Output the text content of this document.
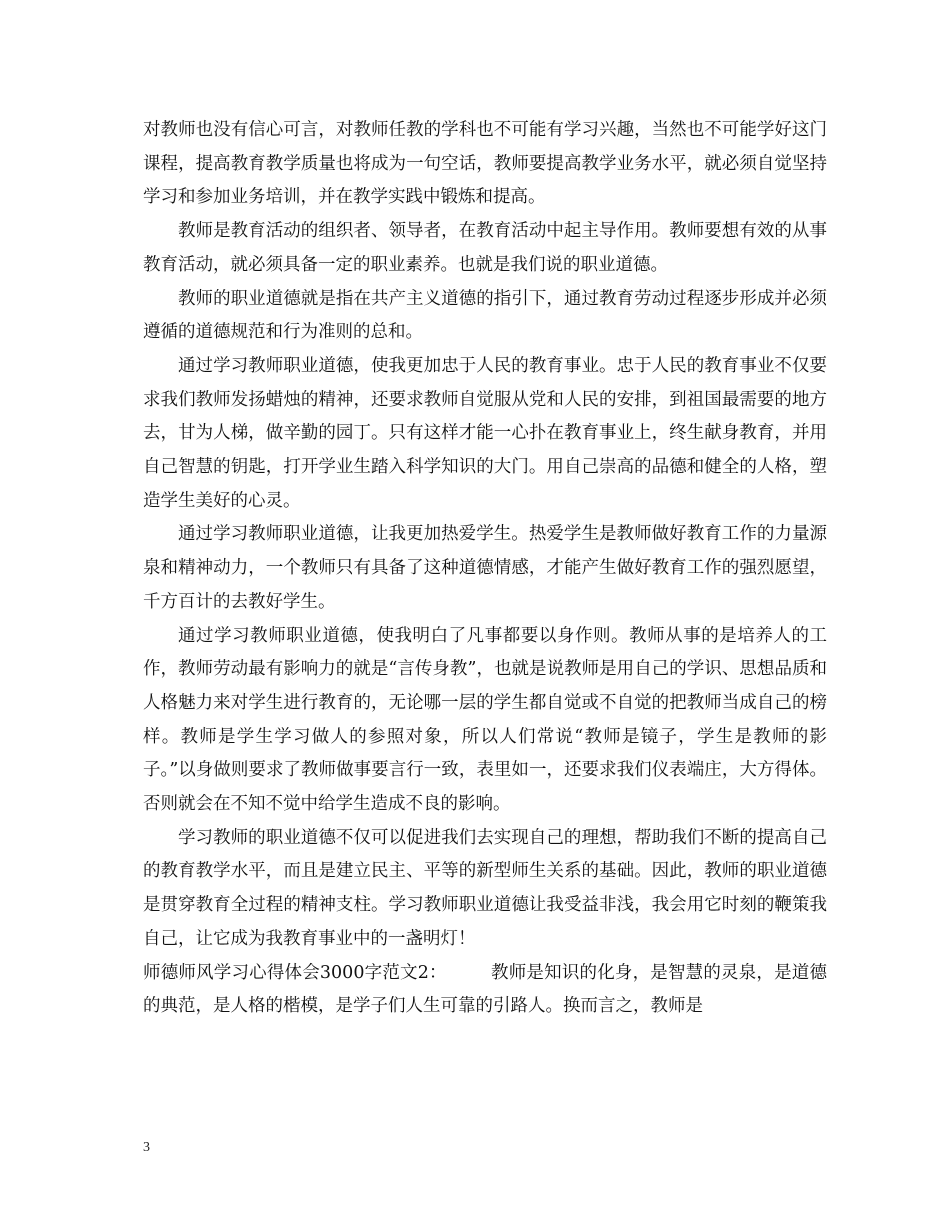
对教师也没有信心可言，对教师任教的学科也不可能有学习兴趣，当然也不可能学好这门课程，提高教育教学质量也将成为一句空话，教师要提高教学业务水平，就必须自觉坚持学习和参加业务培训，并在教学实践中锻炼和提高。

教师是教育活动的组织者、领导者，在教育活动中起主导作用。教师要想有效的从事教育活动，就必须具备一定的职业素养。也就是我们说的职业道德。

教师的职业道德就是指在共产主义道德的指引下，通过教育劳动过程逐步形成并必须遵循的道德规范和行为准则的总和。

通过学习教师职业道德，使我更加忠于人民的教育事业。忠于人民的教育事业不仅要求我们教师发扬蜡烛的精神，还要求教师自觉服从党和人民的安排，到祖国最需要的地方去，甘为人梯，做辛勤的园丁。只有这样才能一心扑在教育事业上，终生献身教育，并用自己智慧的钥匙，打开学业生踏入科学知识的大门。用自己崇高的品德和健全的人格，塑造学生美好的心灵。

通过学习教师职业道德，让我更加热爱学生。热爱学生是教师做好教育工作的力量源泉和精神动力，一个教师只有具备了这种道德情感，才能产生做好教育工作的强烈愿望，千方百计的去教好学生。

通过学习教师职业道德，使我明白了凡事都要以身作则。教师从事的是培养人的工作，教师劳动最有影响力的就是“言传身教”，也就是说教师是用自己的学识、思想品质和人格魅力来对学生进行教育的，无论哪一层的学生都自觉或不自觉的把教师当成自己的榜样。教师是学生学习做人的参照对象，所以人们常说“教师是镜子，学生是教师的影子。”以身做则要求了教师做事要言行一致，表里如一，还要求我们仪表端庄，大方得体。否则就会在不知不觉中给学生造成不良的影响。

学习教师的职业道德不仅可以促进我们去实现自己的理想，帮助我们不断的提高自己的教育教学水平，而且是建立民主、平等的新型师生关系的基础。因此，教师的职业道德是贯穿教育全过程的精神支柱。学习教师职业道德让我受益非浅，我会用它时刻的鞭策我自己，让它成为我教育事业中的一盏明灯！

师德师风学习心得体会3000字范文2：　　　教师是知识的化身，是智慧的灵泉，是道德的典范，是人格的楷模，是学子们人生可靠的引路人。换而言之，教师是

3
